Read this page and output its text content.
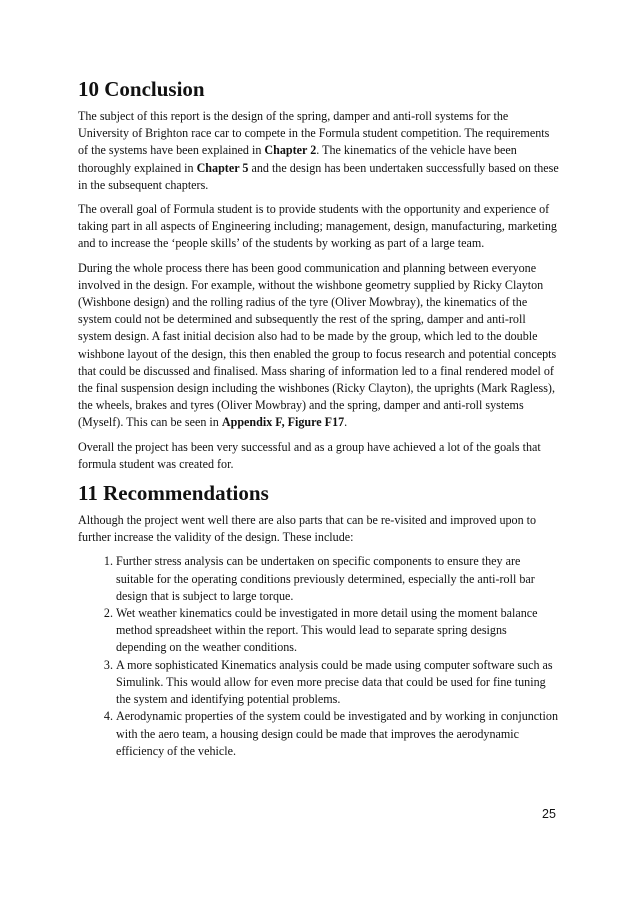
10 Conclusion

The subject of this report is the design of the spring, damper and anti-roll systems for the University of Brighton race car to compete in the Formula student competition. The requirements of the systems have been explained in Chapter 2. The kinematics of the vehicle have been thoroughly explained in Chapter 5 and the design has been undertaken successfully based on these in the subsequent chapters.

The overall goal of Formula student is to provide students with the opportunity and experience of taking part in all aspects of Engineering including; management, design, manufacturing, marketing and to increase the ‘people skills’ of the students by working as part of a large team.

During the whole process there has been good communication and planning between everyone involved in the design. For example, without the wishbone geometry supplied by Ricky Clayton (Wishbone design) and the rolling radius of the tyre (Oliver Mowbray), the kinematics of the system could not be determined and subsequently the rest of the spring, damper and anti-roll system design. A fast initial decision also had to be made by the group, which led to the double wishbone layout of the design, this then enabled the group to focus research and potential concepts that could be discussed and finalised. Mass sharing of information led to a final rendered model of the final suspension design including the wishbones (Ricky Clayton), the uprights (Mark Ragless), the wheels, brakes and tyres (Oliver Mowbray) and the spring, damper and anti-roll systems (Myself). This can be seen in Appendix F, Figure F17.

Overall the project has been very successful and as a group have achieved a lot of the goals that formula student was created for.

11 Recommendations

Although the project went well there are also parts that can be re-visited and improved upon to further increase the validity of the design. These include:

1. Further stress analysis can be undertaken on specific components to ensure they are suitable for the operating conditions previously determined, especially the anti-roll bar design that is subject to large torque.
2. Wet weather kinematics could be investigated in more detail using the moment balance method spreadsheet within the report. This would lead to separate spring designs depending on the weather conditions.
3. A more sophisticated Kinematics analysis could be made using computer software such as Simulink. This would allow for even more precise data that could be used for fine tuning the system and identifying potential problems.
4. Aerodynamic properties of the system could be investigated and by working in conjunction with the aero team, a housing design could be made that improves the aerodynamic efficiency of the vehicle.
25
